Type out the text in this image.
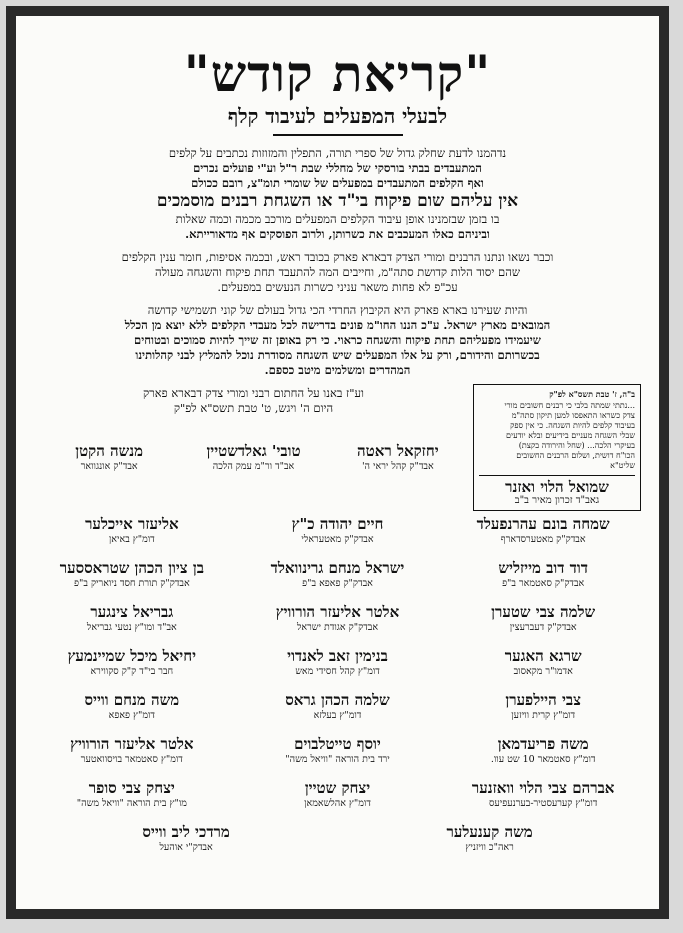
"קריאת קודש"
לבעלי המפעלים לעיבוד קלף
נדהמנו לדעת שחלק גדול של ספרי תורה, התפלין והמזוזות נכתבים על קלפים
המתעבדים בבתי בורסקי של מחללי שבת ר"ל וע"י פועלים נכרים
ואף הקלפים המתעבדים במפעלים של שומרי תומ"צ, רובם ככולם
אין עליהם שום פיקוח בי"ד או השגחת רבנים מוסמכים
בו בזמן שבזמנינו אופן עיבוד הקלפים המפעלים מורכב מכמה וכמה שאלות
וביניהם כאלו המעכבים את כשרותן, ולרוב הפוסקים אף מדאורייתא.
וכבר נשאו ונתנו הרבנים ומורי הצדק דבארא פארק בכובד ראש, ובכמה אסיפות, חומר ענין הקלפים
שהם יסוד הלות קדושת סתה"מ, וחייבים המה להתעבד תחת פיקוח והשגחה מעולה
עכ"פ לא פחות משאר עניני כשרות הנעשים במפעלים.
והיות שעירנו בארא פארק היא הקיבוץ החרדי הכי גדול בעולם של קוני תשמישי קדושה
המובאים מארץ ישראל. ע"כ הננו החו"מ פונים בדרישה לכל מעבדי הקלפים ללא יוצא מן הכלל
שיעמידו מפעליהם תחת פיקוח והשגחה כראוי. כי רק באופן זה שייך להיות סמוכים ובטוחים
בכשרותם והידורם, ורק על אלו המפעלים שיש השגחה מסודרת נוכל להמליץ לבני קהלותינו
המהדרים ומשלמים מיטב כספם.
ב"ה, ז' טבת תשס"א לפ"ק
...נתתי שמתה בלבי כי רבנים חשובים מורי
צדק כשראו התאפסו למען תיקון סתה"מ
בעיבוד קלפים להיות השגחה. כי אין ספק
שבלי השגחה מעניים בידיעים ובלא יודעים
בעיקרי הלכה... (שחל והירודה בקצת)
הכו"ח דושית, ושלום הרבנים החשובים
שליט"א
שמואל הלוי ואזנר
גאב"ד זכרון מאיר ב"ב
וע"ז באנו על החתום רבני ומורי צדק דבארא פארק
היום ה' ויגש, ט' טבת תשס"א לפ"ק
יחזקאל ראטה
אבד"ק קהל יראי ה'
טובי' גאלדשטיין
אב"ד ור"מ עמק הלכה
מנשה הקטן
אבד"ק אונגוואר
שמחה בונם עהרנפעלד
אבדק"ק מאטערסדארף
חיים יהודה כ"ץ
אבדק"ק מאטעראלי
אליעזר אייכלער
דומ"ץ באיאן
דוד דוב מייזליש
אבדק"ק סאטמאר ב"פ
ישראל מנחם גרינוואלד
אבדק"ק פאפא ב"פ
בן ציון הכהן שטראססער
אבדק"ק תורת חסד ניואריק ב"פ
שלמה צבי שטערן
אבדק"ק דעברעצין
אלטר אליעזר הורוויץ
אבדק"ק אגודת ישראל
גבריאל צינגער
אב"ד ומו"ץ נטעי גבריאל
שרגא האגער
אדמו"ר מקאסוב
בנימין זאב לאנדוי
דומ"ץ קהל חסידי מאש
יחיאל מיכל שמיינמעץ
חבר בי"ד ק"ק סקווירא
צבי היילפערן
דומ"ץ קרית וויזען
שלמה הכהן גראס
דומ"ץ בעלזא
משה מנחם ווייס
דומ"ץ פאפא
משה פריעדמאן
דומ"ץ סאטמאר 10 שט עוו.
יוסף טייטלבוים
ירד בית הוראה "וויאל משה"
אלטר אליעזר הורוויץ
דומ"ץ סאטמאר בויסוואטער
אברהם צבי הלוי וואזנער
דומ"ץ קערעסטיר-בערנעפיעס
יצחק שטיין
דומ"ץ אהלשאמאן
יצחק צבי סופר
מו"ץ בית הוראה "וויאל משה"
משה קענעלער
ראה"כ וויזניץ
מרדכי ליב ווייס
אבדק"י אוהעל
